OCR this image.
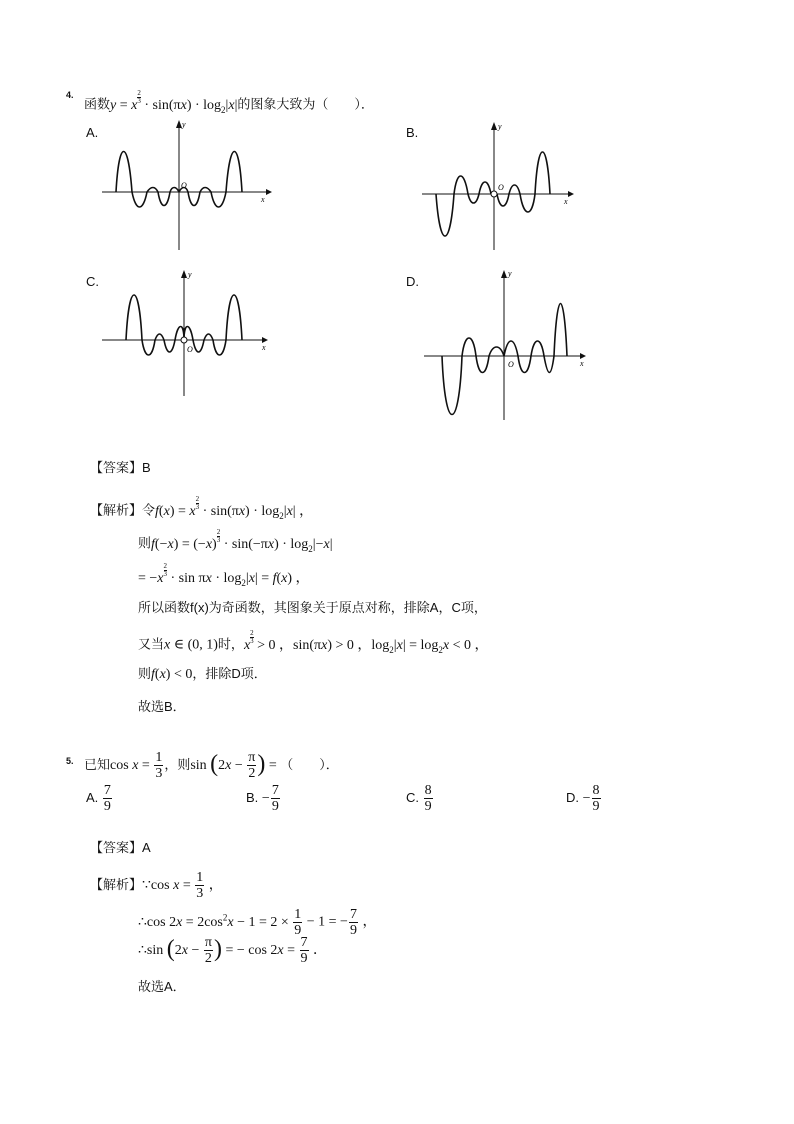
4.
函数y = x
$\frac{2}{3}$
· $\sin(\pi x) \cdot \log_2|x|$的图象大致为（　　）．
A.	B.
C.	D.
y
x
O
y
x
O
y
x
O
y
x
O
【答案】B
【解析】令f(x) = x
$\frac{2}{3}$
· $\sin(\pi x) \cdot \log_2|x|$ ，
则f(−x) = (−x)
$\frac{2}{3}$
· $\sin(-\pi x) \cdot \log_2|-x|$
= −x
$\frac{2}{3}$
· $\sin \pi x \cdot \log_2|x| = f(x)$ ，
所以函数f(x)为奇函数，其图象关于原点对称，排除A，C项，
又当x ∈ (0, 1)时，x
$\frac{2}{3}$
> 0 ，sin(πx) > 0 ，$\log_2|x| = \log_2x < 0$ ，
则f(x) < 0，排除D项．
故选B．
5. 已知$\cos x = \frac{1}{3}$ ，则$\sin (2x - \frac{\pi}{2}$ ) = （　　）．
A. $\frac{7}{9}$	B. − $\frac{7}{9}$	C. $\frac{8}{9}$	D. − $\frac{8}{9}$
【答案】A
【解析】∵cos $x = \frac{1}{3}$ ，
∴cos $2x = 2\cos^2x - 1 = 2 \times \frac{1}{9} - 1$ = − $\frac{7}{9}$ ，
∴sin ($2x - \frac{\pi}{2}$ ) = − $\cos 2x = \frac{7}{9}$ ．
故选A．
